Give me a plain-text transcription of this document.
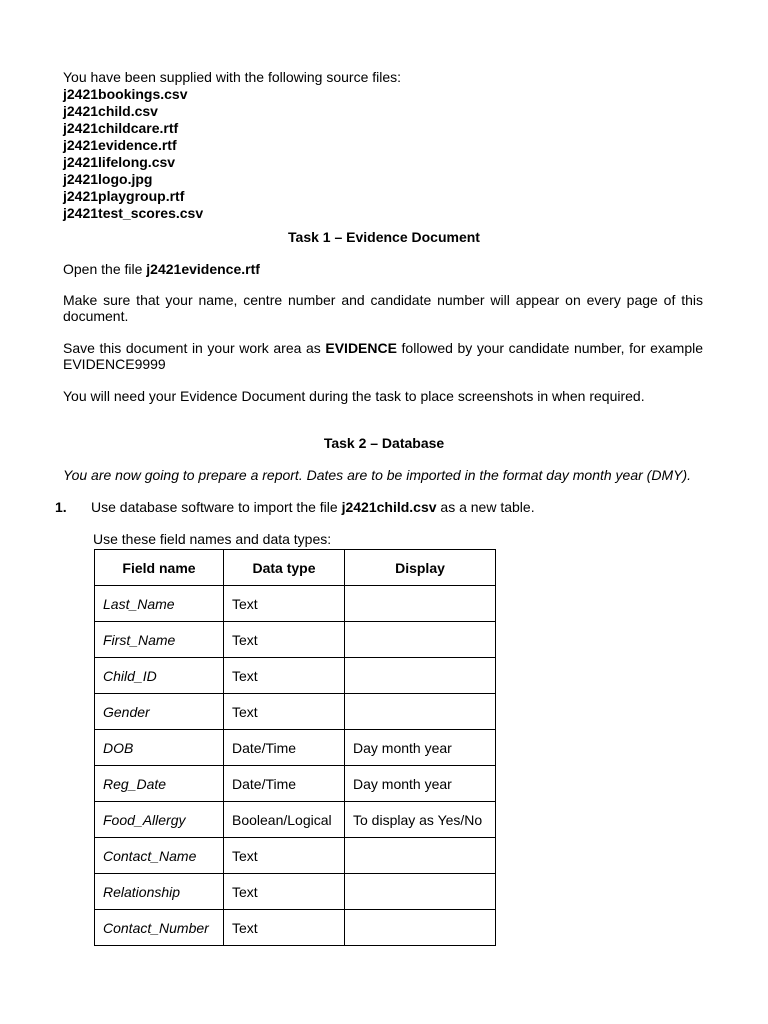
You have been supplied with the following source files:
j2421bookings.csv
j2421child.csv
j2421childcare.rtf
j2421evidence.rtf
j2421lifelong.csv
j2421logo.jpg
j2421playgroup.rtf
j2421test_scores.csv
Task 1 – Evidence Document
Open the file j2421evidence.rtf
Make sure that your name, centre number and candidate number will appear on every page of this document.
Save this document in your work area as EVIDENCE followed by your candidate number, for example EVIDENCE9999
You will need your Evidence Document during the task to place screenshots in when required.
Task 2 – Database
You are now going to prepare a report. Dates are to be imported in the format day month year (DMY).
1. Use database software to import the file j2421child.csv as a new table.
Use these field names and data types:
Field name	Data type	Display
Last_Name	Text	
First_Name	Text	
Child_ID	Text	
Gender	Text	
DOB	Date/Time	Day month year
Reg_Date	Date/Time	Day month year
Food_Allergy	Boolean/Logical	To display as Yes/No
Contact_Name	Text	
Relationship	Text	
Contact_Number	Text	
